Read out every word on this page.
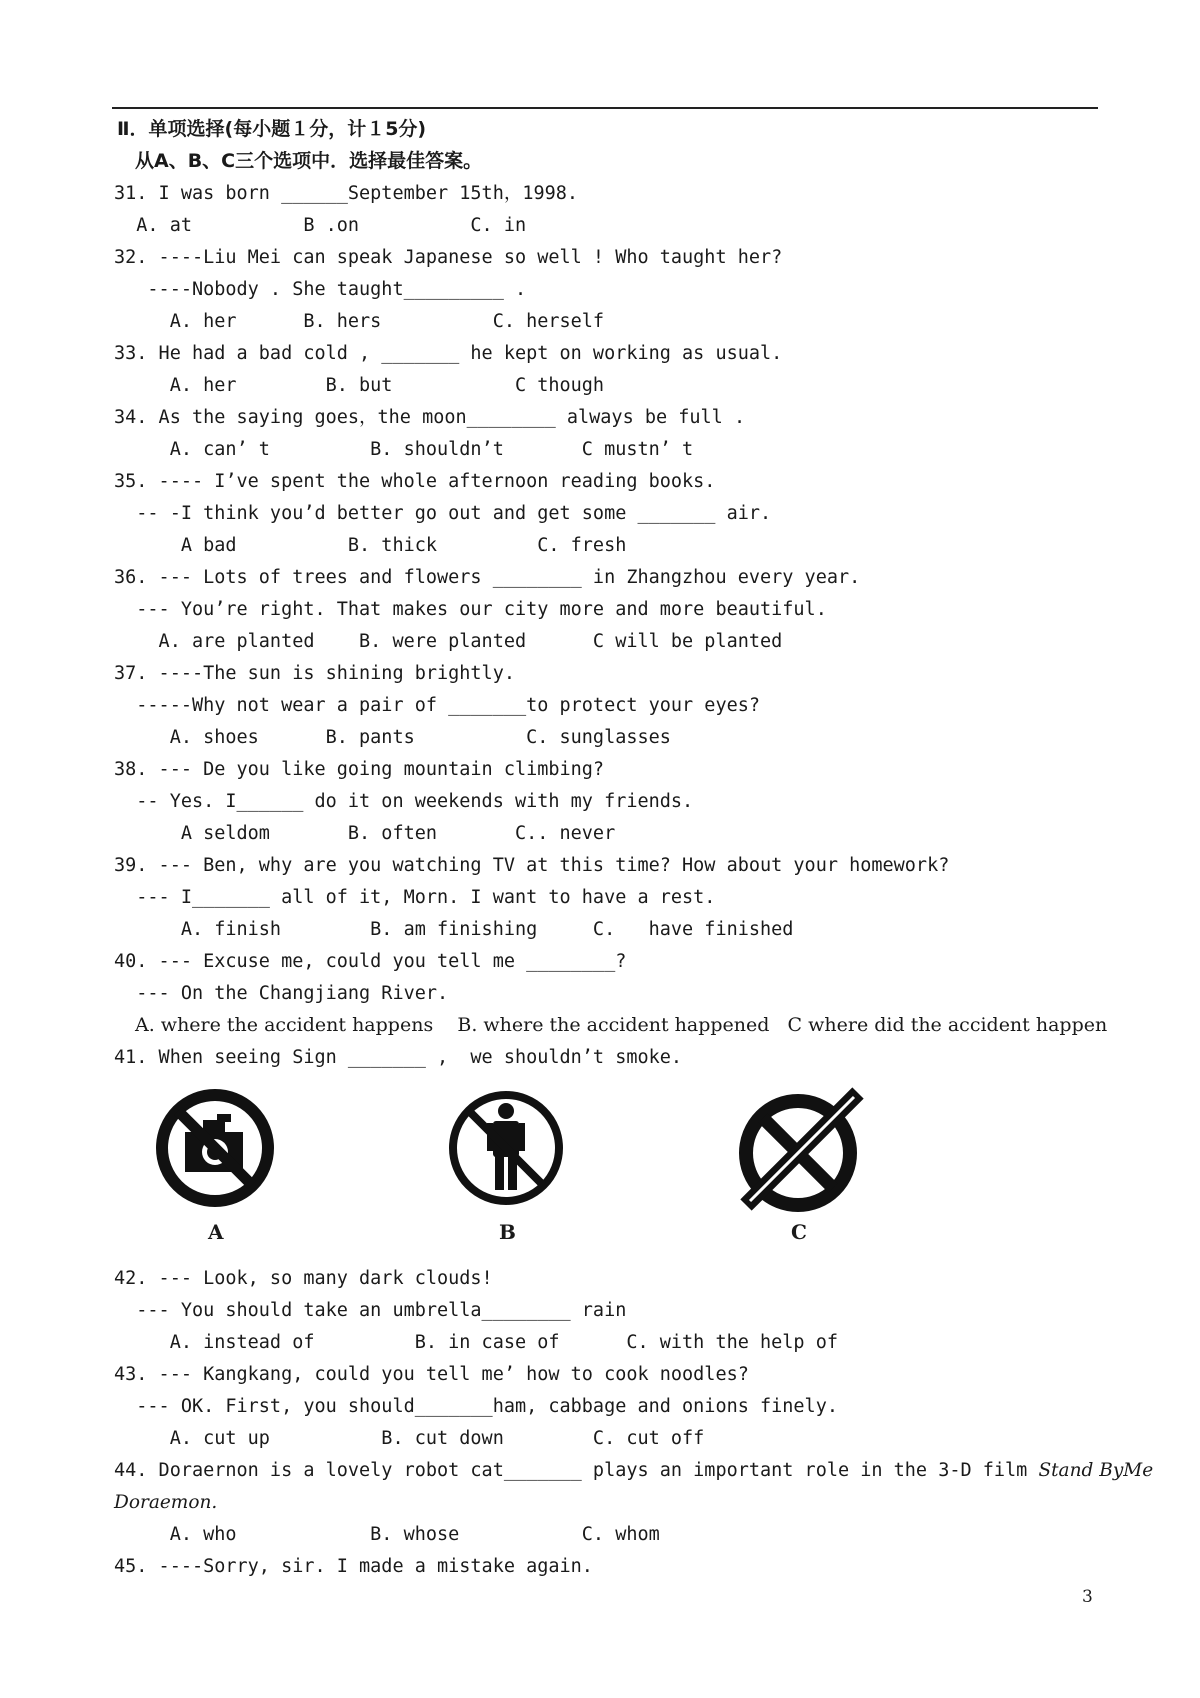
Ⅱ．单项选择(每小题１分，计１5分)
从A、B、C三个选项中．选择最佳答案。
31. I was born ______September 15th，1998.
A. at          B .on          C. in
32. ----Liu Mei can speak Japanese so well ! Who taught her?
----Nobody . She taught_________ .
A. her      B. hers          C. herself
33. He had a bad cold , _______ he kept on working as usual.
A. her        B. but           C though
34. As the saying goes，the moon________ always be full .
A. can’ t         B. shouldn’t       C mustn’ t
35. ---- I’ve spent the whole afternoon reading books.
-- -I think you’d better go out and get some _______ air.
A bad          B. thick         C. fresh
36. --- Lots of trees and flowers ________ in Zhangzhou every year.
--- You’re right. That makes our city more and more beautiful.
A. are planted    B. were planted      C will be planted
37. ----The sun is shining brightly.
-----Why not wear a pair of _______to protect your eyes?
A. shoes      B. pants          C. sunglasses
38. --- De you like going mountain climbing?
-- Yes. I______ do it on weekends with my friends.
A seldom       B. often       C.. never
39. --- Ben, why are you watching TV at this time? How about your homework?
--- I_______ all of it, Morn. I want to have a rest.
A. finish        B. am finishing     C.   have finished
40. --- Excuse me, could you tell me ________?
--- On the Changjiang River.
A. where the accident happens    B. where the accident happened   C where did the accident happen
41. When seeing Sign _______ ,  we shouldn’t smoke.
A	B	C
42. --- Look, so many dark clouds!
--- You should take an umbrella________ rain
A. instead of         B. in case of      C. with the help of
43. --- Kangkang, could you tell me’ how to cook noodles?
--- OK. First, you should_______ham, cabbage and onions finely.
A. cut up          B. cut down        C. cut off
44. Doraernon is a lovely robot cat_______ plays an important role in the 3-D film Stand ByMe
Doraemon.
A. who            B. whose           C. whom
45. ----Sorry, sir. I made a mistake again.
3
